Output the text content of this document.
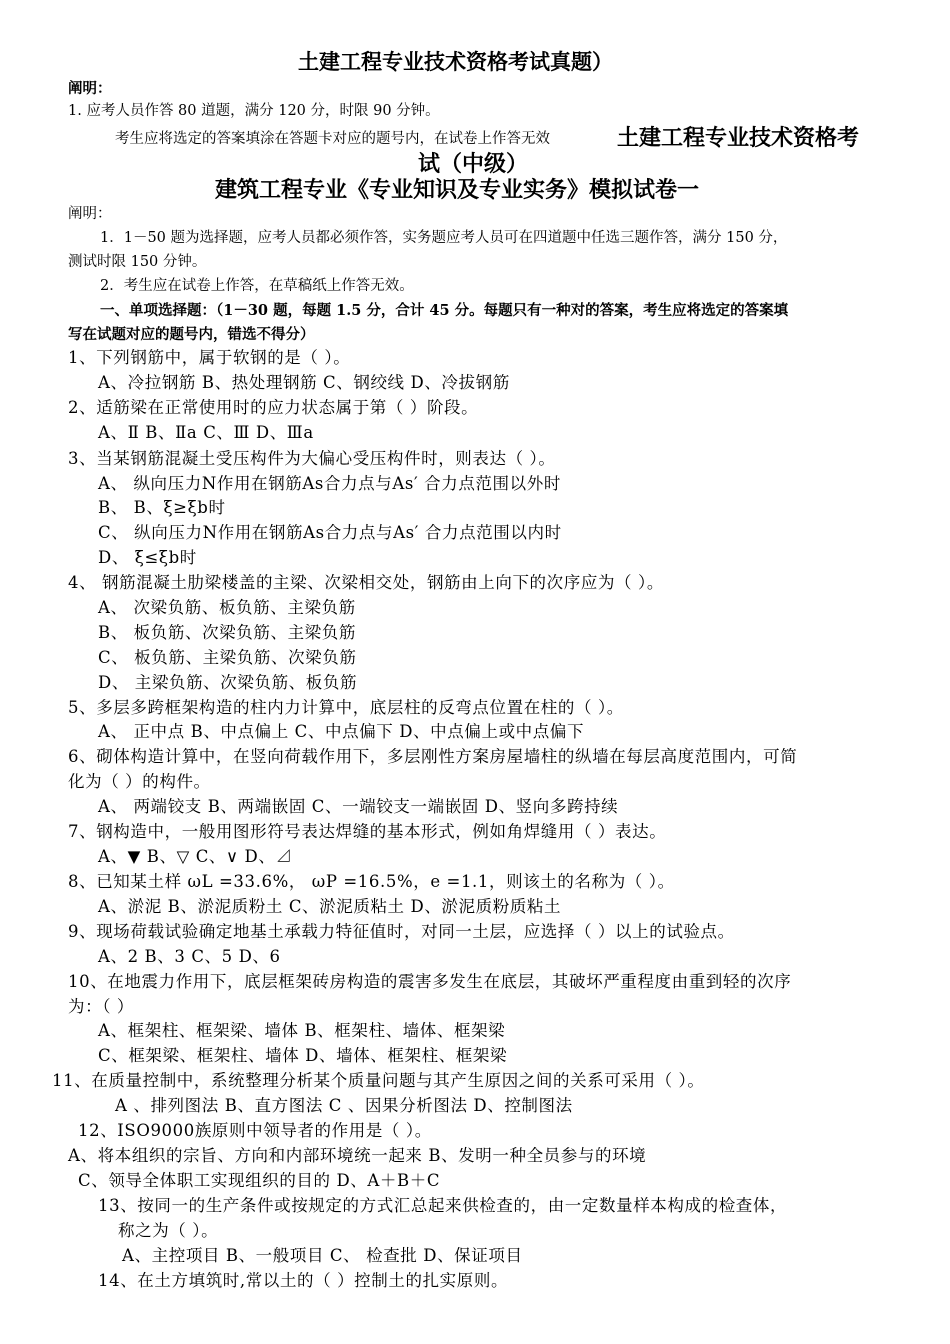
土建工程专业技术资格考试真题）
阐明：
1. 应考人员作答 80 道题，满分 120 分，时限 90 分钟。
考生应将选定的答案填涂在答题卡对应的题号内，在试卷上作答无效	土建工程专业技术资格考
试（中级）
建筑工程专业《专业知识及专业实务》模拟试卷一
阐明：
1．1－50 题为选择题，应考人员都必须作答，实务题应考人员可在四道题中任选三题作答，满分 150 分，
测试时限 150 分钟。
2．考生应在试卷上作答，在草稿纸上作答无效。
一、单项选择题：（1－30 题，每题 1.5 分，合计 45 分。每题只有一种对的答案，考生应将选定的答案填
写在试题对应的题号内，错选不得分）
1、下列钢筋中，属于软钢的是（ ）。
A、冷拉钢筋 B、热处理钢筋 C、钢绞线 D、冷拔钢筋
2、适筋梁在正常使用时的应力状态属于第（ ）阶段。
A、Ⅱ B、Ⅱa C、Ⅲ D、Ⅲa
3、当某钢筋混凝土受压构件为大偏心受压构件时，则表达（ ）。
A、 纵向压力N作用在钢筋As合力点与As′ 合力点范围以外时
B、 B、ξ≥ξb时
C、 纵向压力N作用在钢筋As合力点与As′ 合力点范围以内时
D、 ξ≤ξb时
4、 钢筋混凝土肋梁楼盖的主梁、次梁相交处，钢筋由上向下的次序应为（ ）。
A、 次梁负筋、板负筋、主梁负筋
B、 板负筋、次梁负筋、主梁负筋
C、 板负筋、主梁负筋、次梁负筋
D、 主梁负筋、次梁负筋、板负筋
5、多层多跨框架构造的柱内力计算中，底层柱的反弯点位置在柱的（ ）。
A、 正中点 B、中点偏上 C、中点偏下 D、中点偏上或中点偏下
6、砌体构造计算中，在竖向荷载作用下，多层刚性方案房屋墙柱的纵墙在每层高度范围内，可简
化为（ ）的构件。
A、 两端铰支 B、两端嵌固 C、一端铰支一端嵌固 D、竖向多跨持续
7、钢构造中，一般用图形符号表达焊缝的基本形式，例如角焊缝用（ ）表达。
A、▼ B、▽ C、∨ D、⊿
8、已知某土样 ωL =33.6%， ωP =16.5%，e =1.1，则该土的名称为（ ）。
A、淤泥 B、淤泥质粉土 C、淤泥质粘土 D、淤泥质粉质粘土
9、现场荷载试验确定地基土承载力特征值时，对同一土层，应选择（ ）以上的试验点。
A、2 B、3 C、5 D、6
10、在地震力作用下，底层框架砖房构造的震害多发生在底层，其破坏严重程度由重到轻的次序
为：（ ）
A、框架柱、框架梁、墙体 B、框架柱、墙体、框架梁
C、框架梁、框架柱、墙体 D、墙体、框架柱、框架梁
11、在质量控制中，系统整理分析某个质量问题与其产生原因之间的关系可采用（ ）。
A 、排列图法 B、直方图法 C 、因果分析图法 D、控制图法
12、ISO9000族原则中领导者的作用是（ ）。
A、将本组织的宗旨、方向和内部环境统一起来 B、发明一种全员参与的环境
C、领导全体职工实现组织的目的 D、A＋B＋C
13、按同一的生产条件或按规定的方式汇总起来供检查的，由一定数量样本构成的检查体，
称之为（ ）。
A、主控项目 B、一般项目 C、 检查批 D、保证项目
14、在土方填筑时,常以土的（ ）控制土的扎实原则。
